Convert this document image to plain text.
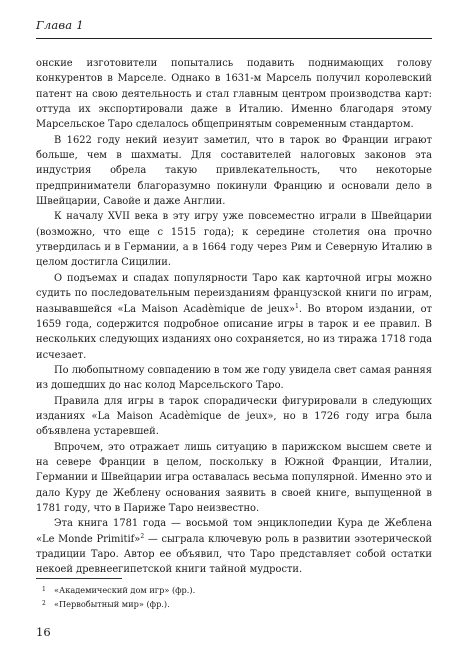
Глава 1

онские изготовители попытались подавить поднимающих голову конкурентов в Марселе. Однако в 1631-м Марсель получил королевский патент на свою деятельность и стал главным центром производства карт: оттуда их экспортировали даже в Италию. Именно благодаря этому Марсельское Таро сделалось общепринятым современным стандартом.

В 1622 году некий иезуит заметил, что в тарок во Франции играют больше, чем в шахматы. Для составителей налоговых законов эта индустрия обрела такую привлекательность, что некоторые предприниматели благоразумно покинули Францию и основали дело в Швейцарии, Савойе и даже Англии.

К началу XVII века в эту игру уже повсеместно играли в Швейцарии (возможно, что еще с 1515 года); к середине столетия она прочно утвердилась и в Германии, а в 1664 году через Рим и Северную Италию в целом достигла Сицилии.

О подъемах и спадах популярности Таро как карточной игры можно судить по последовательным переизданиям французской книги по играм, называвшейся «La Maison Acadèmique de jeux»$^1$. Во втором издании, от 1659 года, содержится подробное описание игры в тарок и ее правил. В нескольких следующих изданиях оно сохраняется, но из тиража 1718 года исчезает.

По любопытному совпадению в том же году увидела свет самая ранняя из дошедших до нас колод Марсельского Таро.

Правила для игры в тарок спорадически фигурировали в следующих изданиях «La Maison Acadèmique de jeux», но в 1726 году игра была объявлена устаревшей.

Впрочем, это отражает лишь ситуацию в парижском высшем свете и на севере Франции в целом, поскольку в Южной Франции, Италии, Германии и Швейцарии игра оставалась весьма популярной. Именно это и дало Куру де Жеблену основания заявить в своей книге, выпущенной в 1781 году, что в Париже Таро неизвестно.

Эта книга 1781 года — восьмой том энциклопедии Кура де Жеблена «Le Monde Primitif»$^2$ — сыграла ключевую роль в развитии эзотерической традиции Таро. Автор ее объявил, что Таро представляет собой остатки некоей древнеегипетской книги тайной мудрости.

1 «Академический дом игр» (фр.).
2 «Первобытный мир» (фр.).
16
